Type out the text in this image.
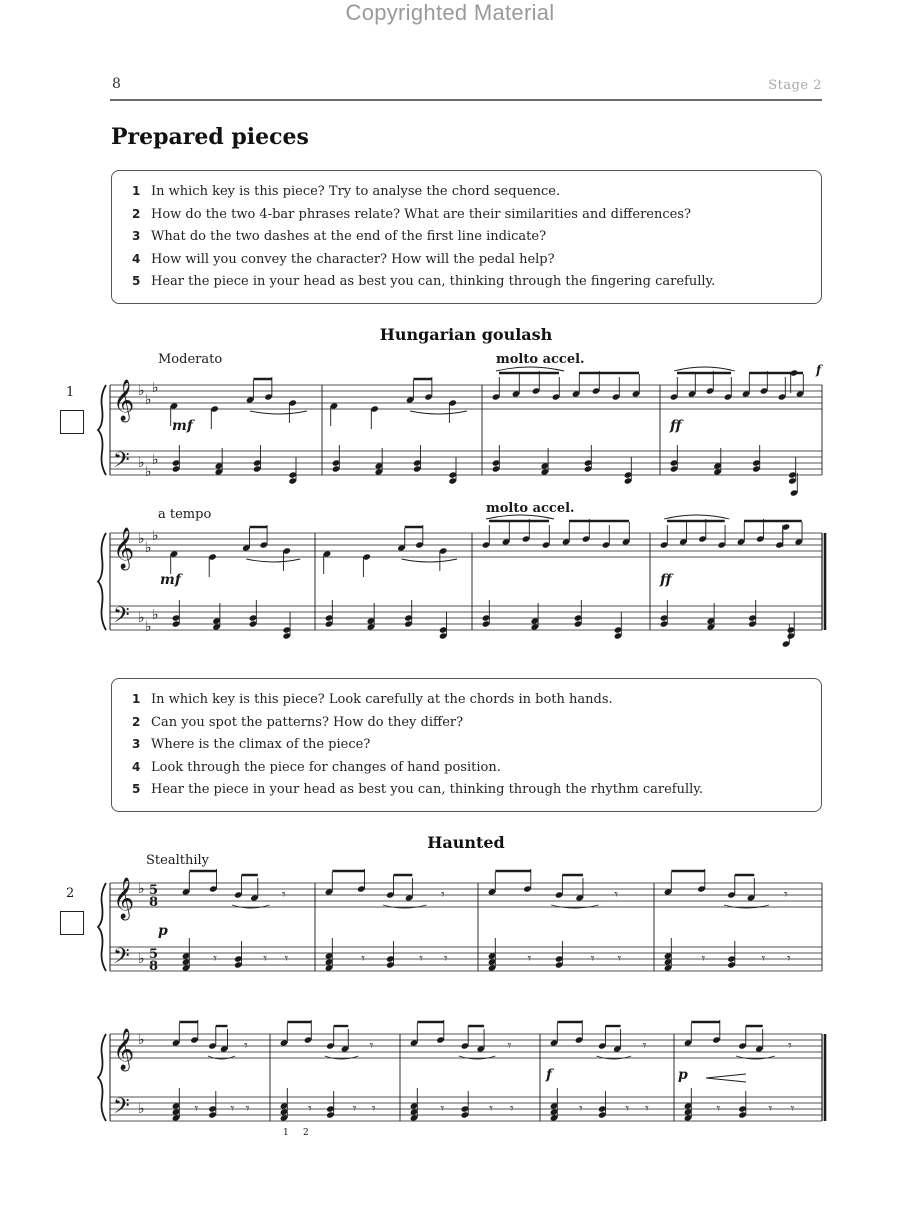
Copyrighted Material
8	Stage 2
Prepared pieces
1 In which key is this piece? Try to analyse the chord sequence.
2 How do the two 4-bar phrases relate? What are their similarities and differences?
3 What do the two dashes at the end of the first line indicate?
4 How will you convey the character? How will the pedal help?
5 Hear the piece in your head as best you can, thinking through the fingering carefully.
Hungarian goulash
1 In which key is this piece? Look carefully at the chords in both hands.
2 Can you spot the patterns? How do they differ?
3 Where is the climax of the piece?
4 Look through the piece for changes of hand position.
5 Hear the piece in your head as best you can, thinking through the rhythm carefully.
Haunted
1
2
Moderato	molto accel.
a tempo	molto accel.
mf	ff
f
mf	ff
Stealthily
p
f	p
1 2
𝄞
𝄢
♭
♭
♭
♭
♭
♭
𝄞
𝄢
♭
♭
♭
♭
♭
♭
𝄞
𝄢
♭
♭
5
8
5
8
𝄞
𝄢
♭
♭
𝄾
𝄾	𝄾 𝄾
𝄾
𝄾	𝄾 𝄾
𝄾
𝄾	𝄾 𝄾
𝄾
𝄾	𝄾 𝄾
𝄾
𝄾 𝄾 𝄾
𝄾
𝄾	𝄾 𝄾
𝄾
𝄾	𝄾 𝄾
𝄾
𝄾	𝄾 𝄾
𝄾
𝄾	𝄾 𝄾
